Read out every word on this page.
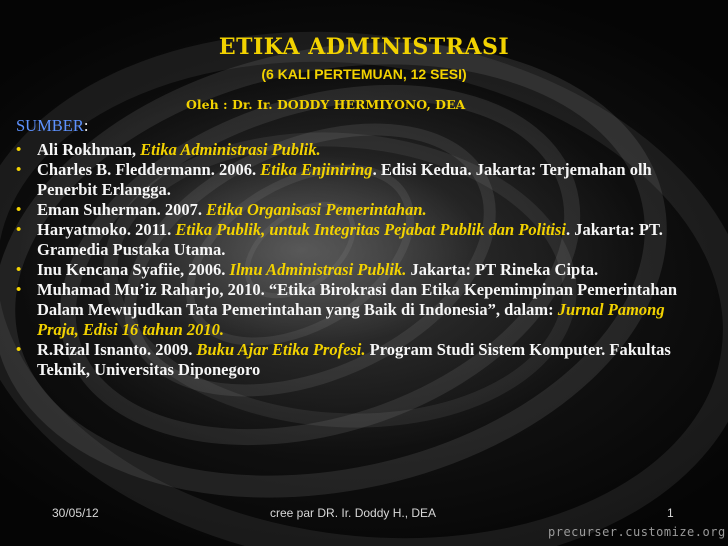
ETIKA ADMINISTRASI
(6 KALI PERTEMUAN, 12 SESI)
Oleh : Dr. Ir. DODDY HERMIYONO, DEA
SUMBER:
• Ali Rokhman, Etika Administrasi Publik.
• Charles B. Fleddermann. 2006. Etika Enjiniring. Edisi Kedua. Jakarta: Terjemahan olh Penerbit Erlangga.
• Eman Suherman. 2007. Etika Organisasi Pemerintahan.
• Haryatmoko. 2011. Etika Publik, untuk Integritas Pejabat Publik dan Politisi. Jakarta: PT. Gramedia Pustaka Utama.
• Inu Kencana Syafiie, 2006. Ilmu Administrasi Publik. Jakarta: PT Rineka Cipta.
• Muhamad Mu’iz Raharjo, 2010. “Etika Birokrasi dan Etika Kepemimpinan Pemerintahan Dalam Mewujudkan Tata Pemerintahan yang Baik di Indonesia”, dalam: Jurnal Pamong Praja, Edisi 16 tahun 2010.
• R.Rizal Isnanto. 2009. Buku Ajar Etika Profesi. Program Studi Sistem Komputer. Fakultas Teknik, Universitas Diponegoro
30/05/12	cree par DR. Ir. Doddy H., DEA	1
precurser.customize.org
